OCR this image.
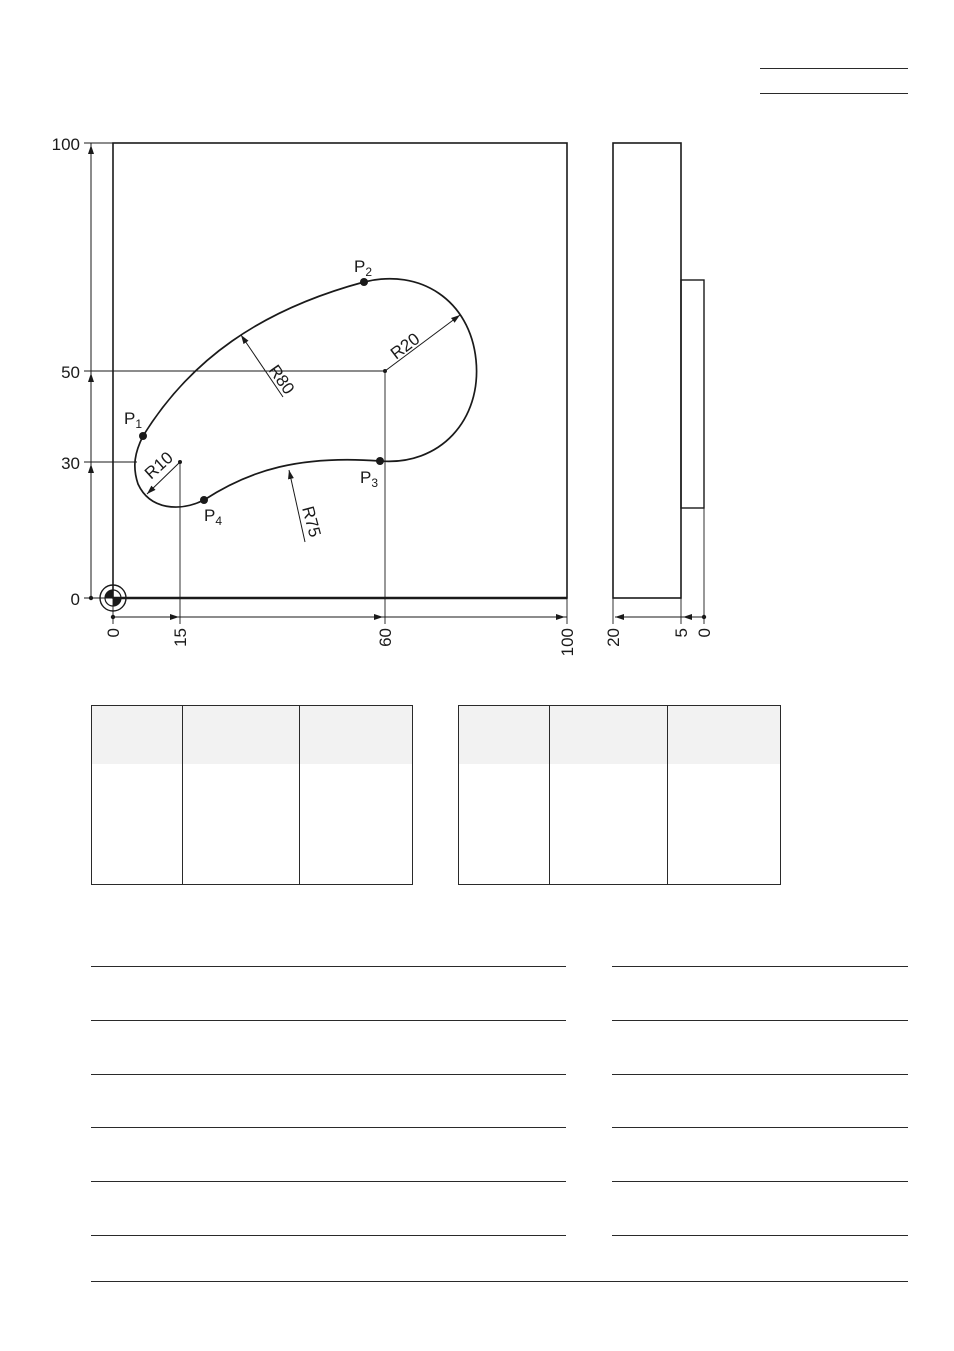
100
50
30
0
0	15	60	100
R80
R20
R10
R75
$P_1$
$P_2$
$P_3$
$P_4$
20	5 0
